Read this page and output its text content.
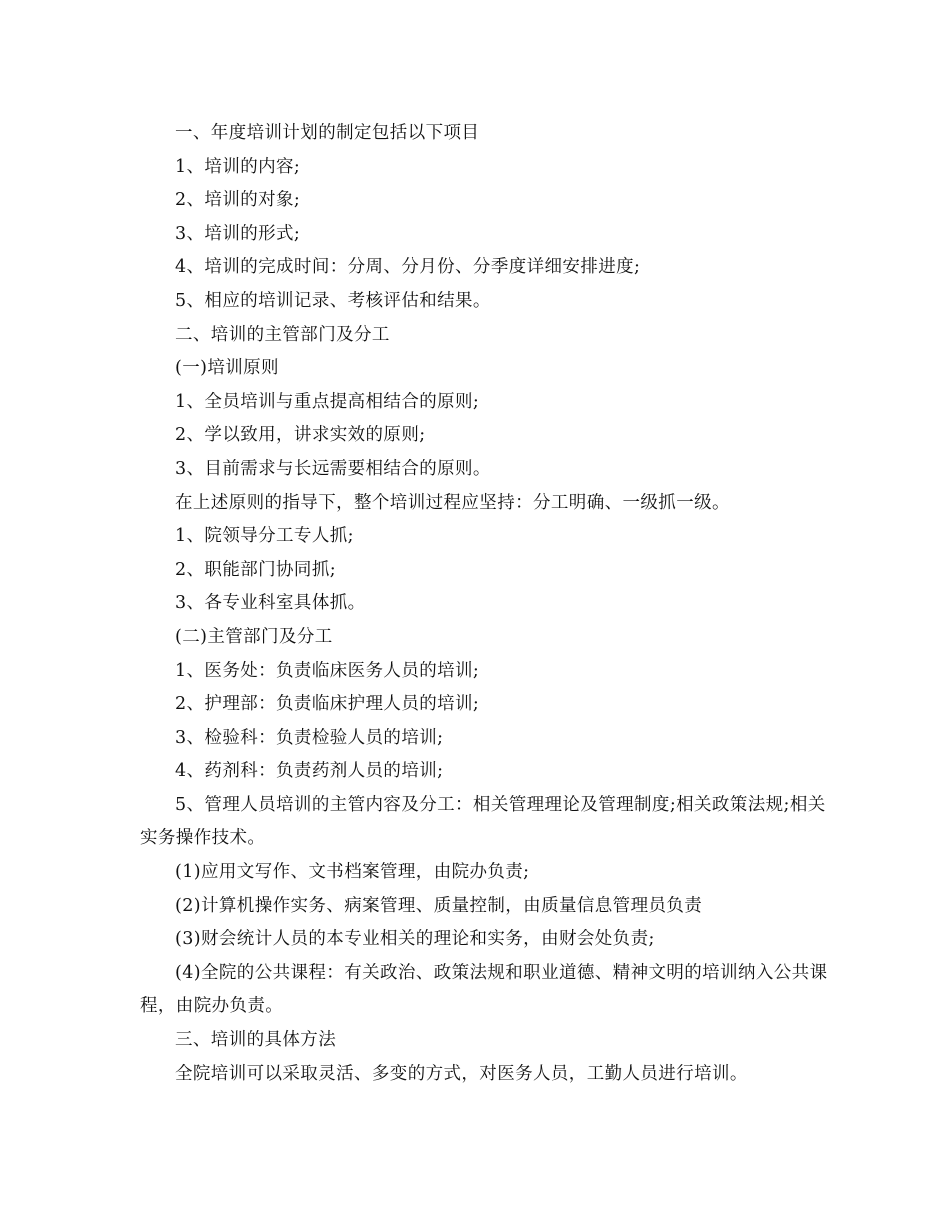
一、年度培训计划的制定包括以下项目

1、培训的内容;

2、培训的对象;

3、培训的形式;

4、培训的完成时间：分周、分月份、分季度详细安排进度;

5、相应的培训记录、考核评估和结果。

二、培训的主管部门及分工

(一)培训原则

1、全员培训与重点提高相结合的原则;

2、学以致用，讲求实效的原则;

3、目前需求与长远需要相结合的原则。

在上述原则的指导下，整个培训过程应坚持：分工明确、一级抓一级。

1、院领导分工专人抓;

2、职能部门协同抓;

3、各专业科室具体抓。

(二)主管部门及分工

1、医务处：负责临床医务人员的培训;

2、护理部：负责临床护理人员的培训;

3、检验科：负责检验人员的培训;

4、药剂科：负责药剂人员的培训;

5、管理人员培训的主管内容及分工：相关管理理论及管理制度;相关政策法规;相关实务操作技术。

(1)应用文写作、文书档案管理，由院办负责;

(2)计算机操作实务、病案管理、质量控制，由质量信息管理员负责

(3)财会统计人员的本专业相关的理论和实务，由财会处负责;

(4)全院的公共课程：有关政治、政策法规和职业道德、精神文明的培训纳入公共课程，由院办负责。

三、培训的具体方法

全院培训可以采取灵活、多变的方式，对医务人员，工勤人员进行培训。
